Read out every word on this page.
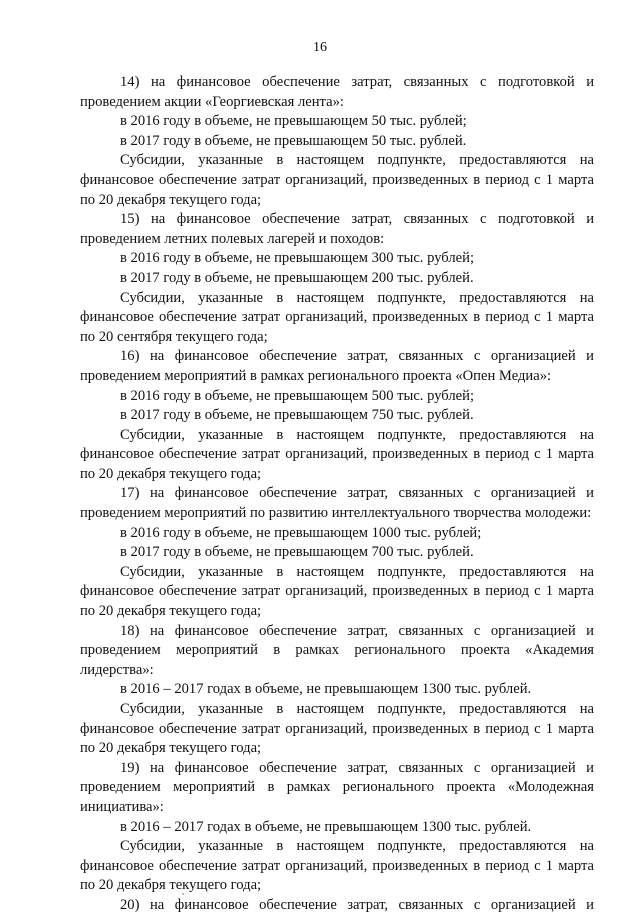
16

14) на финансовое обеспечение затрат, связанных с подготовкой и проведением акции «Георгиевская лента»:

в 2016 году в объеме, не превышающем 50 тыс. рублей;

в 2017 году в объеме, не превышающем 50 тыс. рублей.

Субсидии, указанные в настоящем подпункте, предоставляются на финансовое обеспечение затрат организаций, произведенных в период с 1 марта по 20 декабря текущего года;

15) на финансовое обеспечение затрат, связанных с подготовкой и проведением летних полевых лагерей и походов:

в 2016 году в объеме, не превышающем 300 тыс. рублей;

в 2017 году в объеме, не превышающем 200 тыс. рублей.

Субсидии, указанные в настоящем подпункте, предоставляются на финансовое обеспечение затрат организаций, произведенных в период с 1 марта по 20 сентября текущего года;

16) на финансовое обеспечение затрат, связанных с организацией и проведением мероприятий в рамках регионального проекта «Опен Медиа»:

в 2016 году в объеме, не превышающем 500 тыс. рублей;

в 2017 году в объеме, не превышающем 750 тыс. рублей.

Субсидии, указанные в настоящем подпункте, предоставляются на финансовое обеспечение затрат организаций, произведенных в период с 1 марта по 20 декабря текущего года;

17) на финансовое обеспечение затрат, связанных с организацией и проведением мероприятий по развитию интеллектуального творчества молодежи:

в 2016 году в объеме, не превышающем 1000 тыс. рублей;

в 2017 году в объеме, не превышающем 700 тыс. рублей.

Субсидии, указанные в настоящем подпункте, предоставляются на финансовое обеспечение затрат организаций, произведенных в период с 1 марта по 20 декабря текущего года;

18) на финансовое обеспечение затрат, связанных с организацией и проведением мероприятий в рамках регионального проекта «Академия лидерства»:

в 2016 – 2017 годах в объеме, не превышающем 1300 тыс. рублей.

Субсидии, указанные в настоящем подпункте, предоставляются на финансовое обеспечение затрат организаций, произведенных в период с 1 марта по 20 декабря текущего года;

19) на финансовое обеспечение затрат, связанных с организацией и проведением мероприятий в рамках регионального проекта «Молодежная инициатива»:

в 2016 – 2017 годах в объеме, не превышающем 1300 тыс. рублей.

Субсидии, указанные в настоящем подпункте, предоставляются на финансовое обеспечение затрат организаций, произведенных в период с 1 марта по 20 декабря текущего года;

20) на финансовое обеспечение затрат, связанных с организацией и
